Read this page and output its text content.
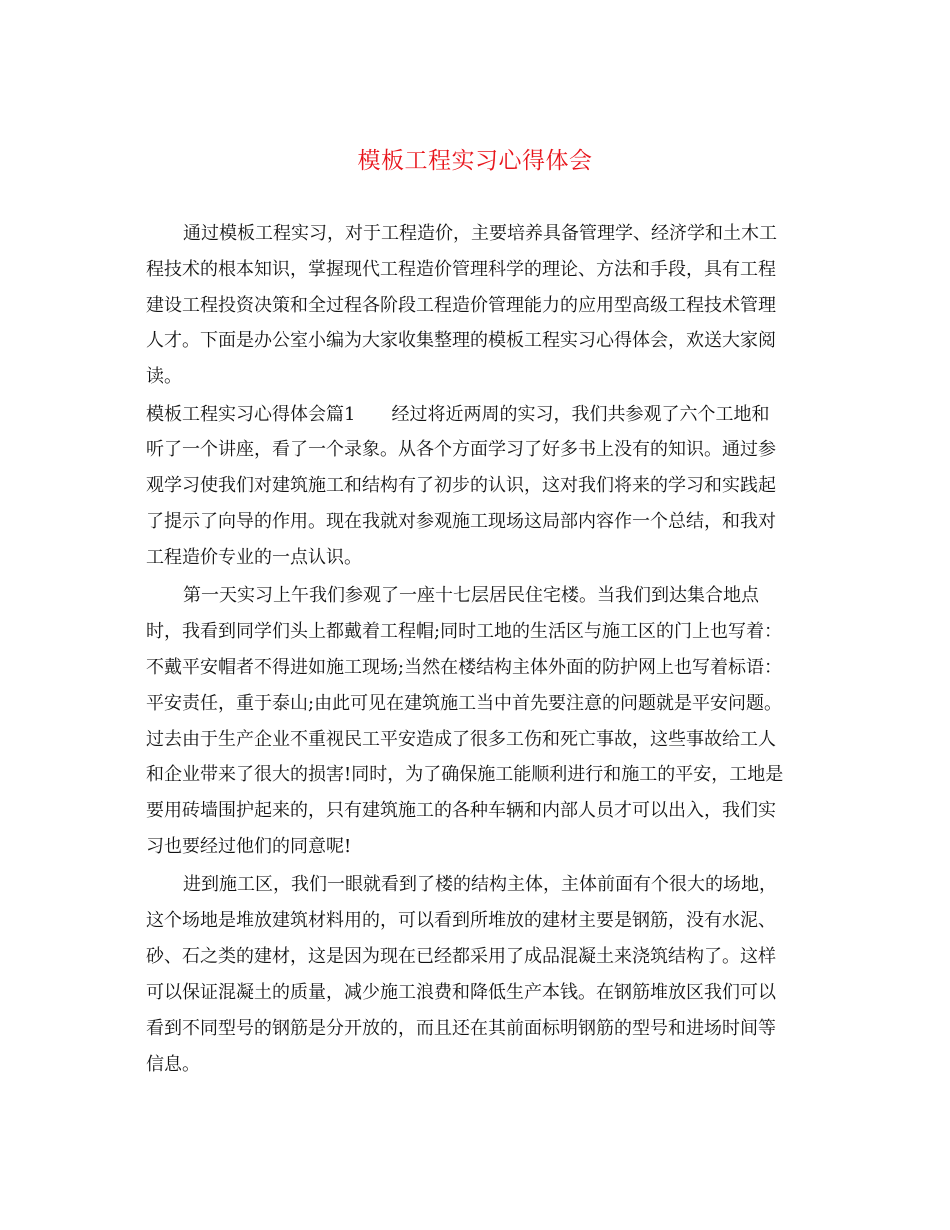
模板工程实习心得体会
通过模板工程实习，对于工程造价，主要培养具备管理学、经济学和土木工
程技术的根本知识，掌握现代工程造价管理科学的理论、方法和手段，具有工程
建设工程投资决策和全过程各阶段工程造价管理能力的应用型高级工程技术管理
人才。下面是办公室小编为大家收集整理的模板工程实习心得体会，欢送大家阅
读。
模板工程实习心得体会篇1　　经过将近两周的实习，我们共参观了六个工地和
听了一个讲座，看了一个录象。从各个方面学习了好多书上没有的知识。通过参
观学习使我们对建筑施工和结构有了初步的认识，这对我们将来的学习和实践起
了提示了向导的作用。现在我就对参观施工现场这局部内容作一个总结，和我对
工程造价专业的一点认识。
第一天实习上午我们参观了一座十七层居民住宅楼。当我们到达集合地点
时，我看到同学们头上都戴着工程帽;同时工地的生活区与施工区的门上也写着：
不戴平安帽者不得进如施工现场;当然在楼结构主体外面的防护网上也写着标语：
平安责任，重于泰山;由此可见在建筑施工当中首先要注意的问题就是平安问题。
过去由于生产企业不重视民工平安造成了很多工伤和死亡事故，这些事故给工人
和企业带来了很大的损害!同时，为了确保施工能顺利进行和施工的平安，工地是
要用砖墙围护起来的，只有建筑施工的各种车辆和内部人员才可以出入，我们实
习也要经过他们的同意呢!
进到施工区，我们一眼就看到了楼的结构主体，主体前面有个很大的场地，
这个场地是堆放建筑材料用的，可以看到所堆放的建材主要是钢筋，没有水泥、
砂、石之类的建材，这是因为现在已经都采用了成品混凝土来浇筑结构了。这样
可以保证混凝土的质量，减少施工浪费和降低生产本钱。在钢筋堆放区我们可以
看到不同型号的钢筋是分开放的，而且还在其前面标明钢筋的型号和进场时间等
信息。
